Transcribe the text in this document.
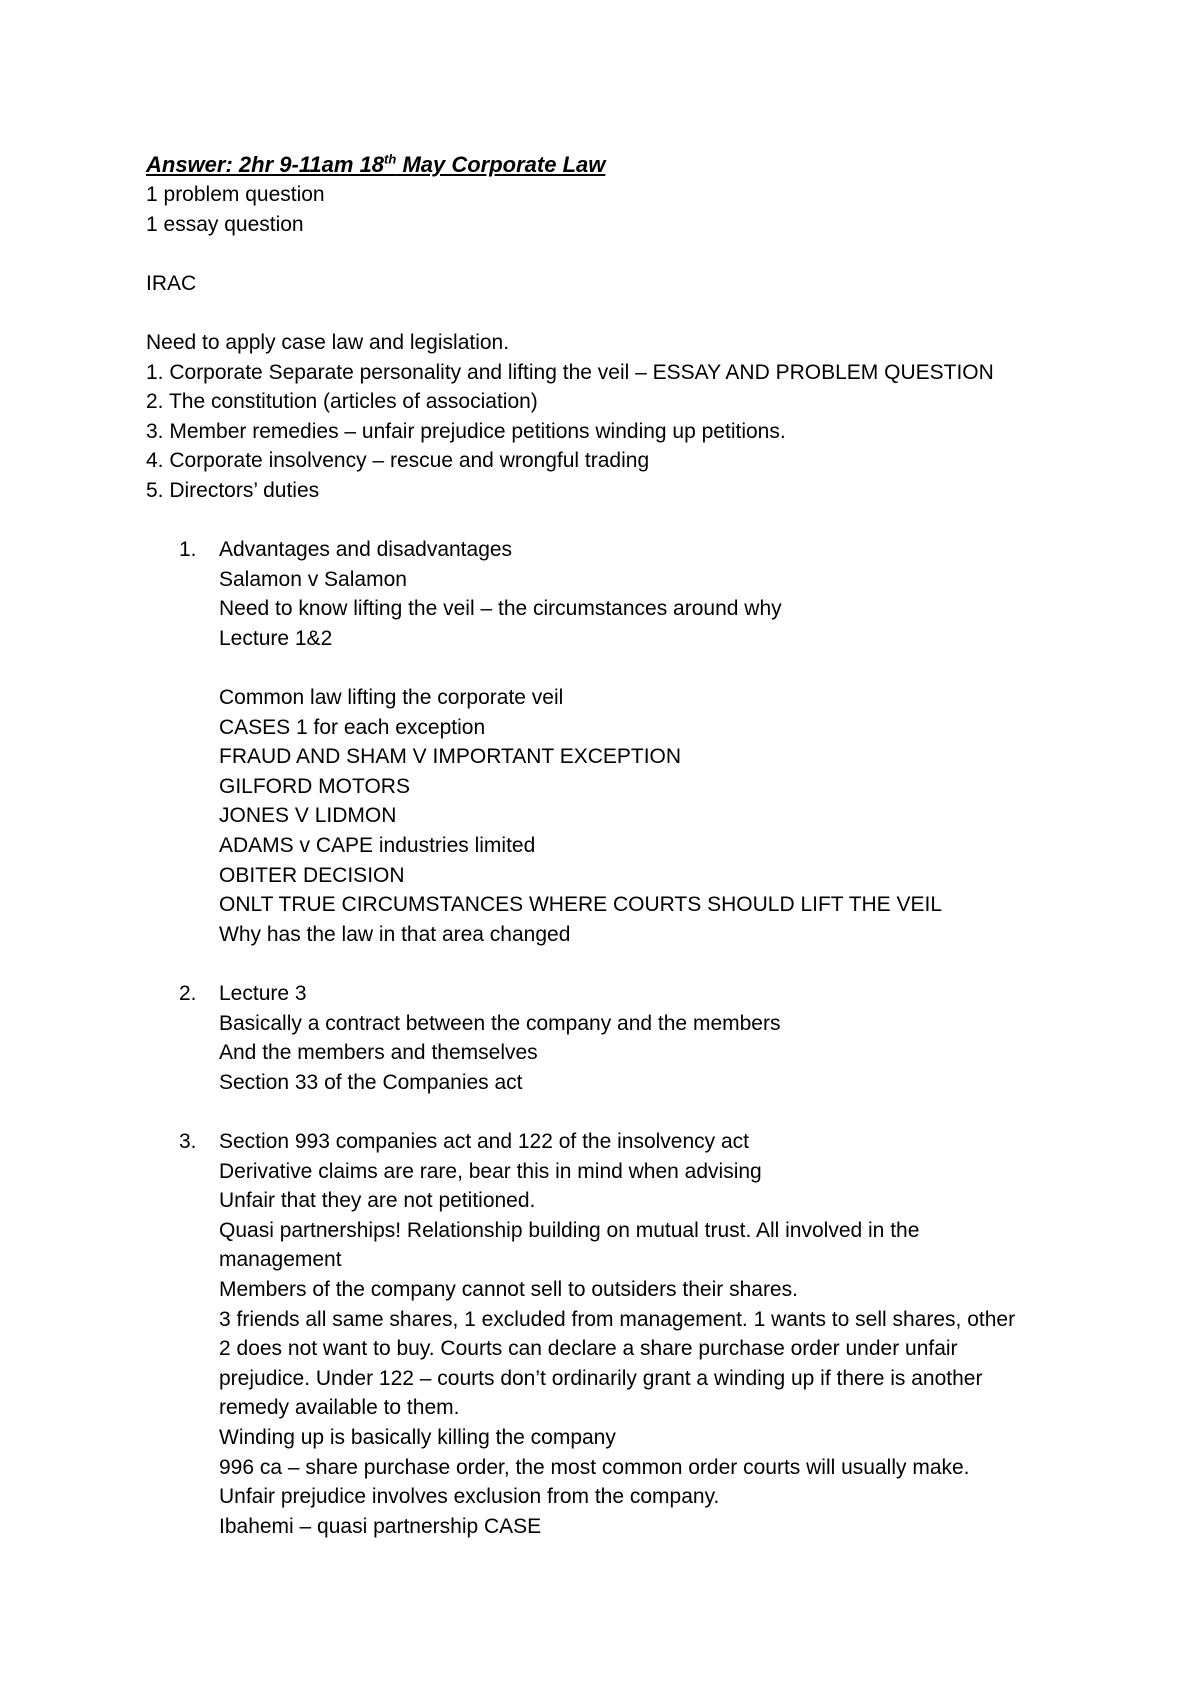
Answer: 2hr 9-11am 18th May Corporate Law

1 problem question

1 essay question

IRAC

Need to apply case law and legislation.

1. Corporate Separate personality and lifting the veil – ESSAY AND PROBLEM QUESTION

2. The constitution (articles of association)

3. Member remedies – unfair prejudice petitions winding up petitions.

4. Corporate insolvency – rescue and wrongful trading

5. Directors’ duties

1. Advantages and disadvantages

Salamon v Salamon

Need to know lifting the veil – the circumstances around why

Lecture 1&2

Common law lifting the corporate veil

CASES 1 for each exception

FRAUD AND SHAM V IMPORTANT EXCEPTION

GILFORD MOTORS

JONES V LIDMON

ADAMS v CAPE industries limited

OBITER DECISION

ONLT TRUE CIRCUMSTANCES WHERE COURTS SHOULD LIFT THE VEIL

Why has the law in that area changed

2. Lecture 3

Basically a contract between the company and the members

And the members and themselves

Section 33 of the Companies act

3. Section 993 companies act and 122 of the insolvency act

Derivative claims are rare, bear this in mind when advising

Unfair that they are not petitioned.

Quasi partnerships! Relationship building on mutual trust. All involved in the

management

Members of the company cannot sell to outsiders their shares.

3 friends all same shares, 1 excluded from management. 1 wants to sell shares, other

2 does not want to buy. Courts can declare a share purchase order under unfair

prejudice. Under 122 – courts don’t ordinarily grant a winding up if there is another

remedy available to them.

Winding up is basically killing the company

996 ca – share purchase order, the most common order courts will usually make.

Unfair prejudice involves exclusion from the company.

Ibahemi – quasi partnership CASE
